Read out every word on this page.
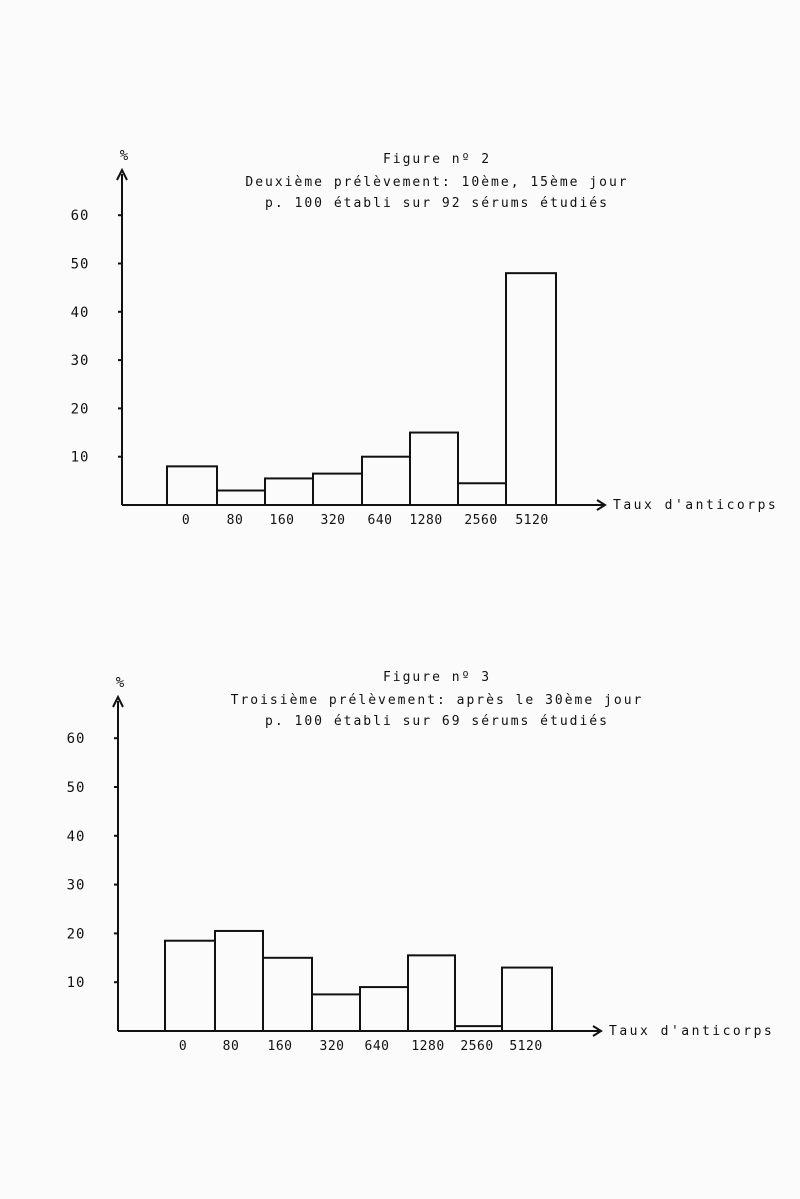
Figure nº 2
Deuxième prélèvement: 10ème, 15ème jour
p. 100 établi sur 92 sérums étudiés
%
Taux d'anticorps
10
20
30
40
50
60
0	80 160 320 640 1280 2560 5120
Figure nº 3
Troisième prélèvement: après le 30ème jour
p. 100 établi sur 69 sérums étudiés
%
Taux d'anticorps
10
20
30
40
50
60
0	80 160 320 640 1280 2560 5120
